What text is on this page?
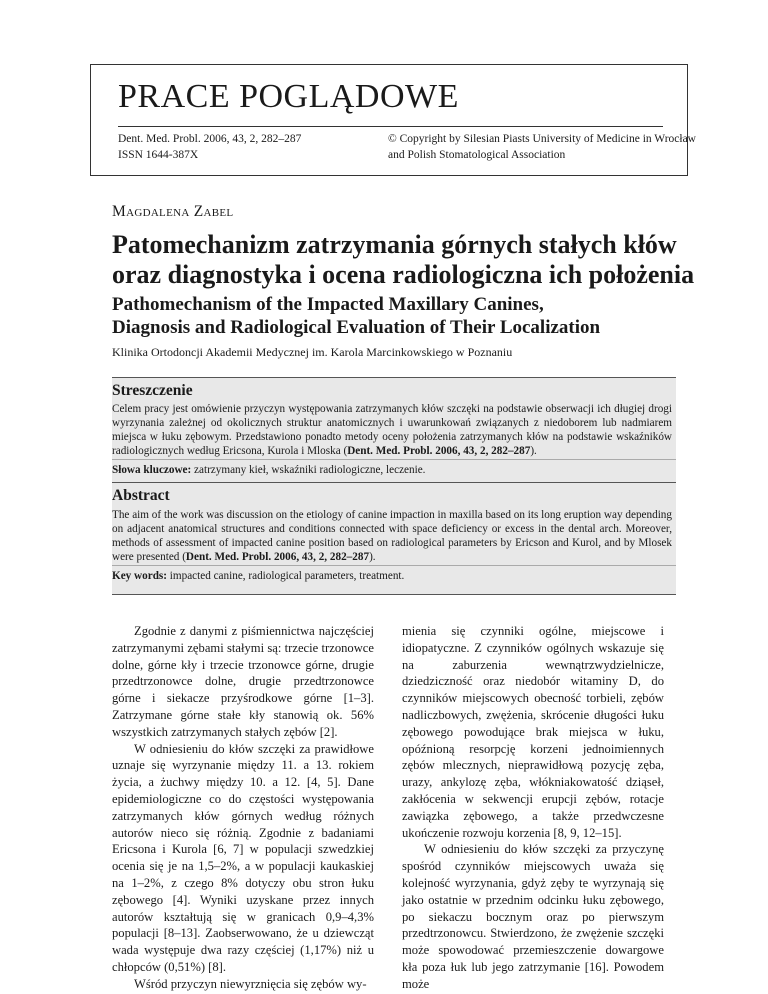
PRACE POGLĄDOWE
Dent. Med. Probl. 2006, 43, 2, 282–287
ISSN 1644-387X
© Copyright by Silesian Piasts University of Medicine in Wrocław
and Polish Stomatological Association
Magdalena Zabel
Patomechanizm zatrzymania górnych stałych kłów
oraz diagnostyka i ocena radiologiczna ich położenia
Pathomechanism of the Impacted Maxillary Canines,
Diagnosis and Radiological Evaluation of Their Localization
Klinika Ortodoncji Akademii Medycznej im. Karola Marcinkowskiego w Poznaniu
Streszczenie
Celem pracy jest omówienie przyczyn występowania zatrzymanych kłów szczęki na podstawie obserwacji ich długiej drogi wyrzynania zależnej od okolicznych struktur anatomicznych i uwarunkowań związanych z niedoborem lub nadmiarem miejsca w łuku zębowym. Przedstawiono ponadto metody oceny położenia zatrzymanych kłów na podstawie wskaźników radiologicznych według Ericsona, Kurola i Mloska (Dent. Med. Probl. 2006, 43, 2, 282–287).
Słowa kluczowe: zatrzymany kieł, wskaźniki radiologiczne, leczenie.
Abstract
The aim of the work was discussion on the etiology of canine impaction in maxilla based on its long eruption way depending on adjacent anatomical structures and conditions connected with space deficiency or excess in the dental arch. Moreover, methods of assessment of impacted canine position based on radiological parameters by Ericson and Kurol, and by Mlosek were presented (Dent. Med. Probl. 2006, 43, 2, 282–287).
Key words: impacted canine, radiological parameters, treatment.

Zgodnie z danymi z piśmiennictwa najczęściej zatrzymanymi zębami stałymi są: trzecie trzonowce dolne, górne kły i trzecie trzonowce górne, drugie przedtrzonowce dolne, drugie przedtrzonowce górne i siekacze przyśrodkowe górne [1–3]. Zatrzymane górne stałe kły stanowią ok. 56% wszystkich zatrzymanych stałych zębów [2].

W odniesieniu do kłów szczęki za prawidłowe uznaje się wyrzynanie między 11. a 13. rokiem życia, a żuchwy między 10. a 12. [4, 5]. Dane epidemiologiczne co do częstości występowania zatrzymanych kłów górnych według różnych autorów nieco się różnią. Zgodnie z badaniami Ericsona i Kurola [6, 7] w populacji szwedzkiej ocenia się je na 1,5–2%, a w populacji kaukaskiej na 1–2%, z czego 8% dotyczy obu stron łuku zębowego [4]. Wyniki uzyskane przez innych autorów kształtują się w granicach 0,9–4,3% populacji [8–13]. Zaobserwowano, że u dziewcząt wada występuje dwa razy częściej (1,17%) niż u chłopców (0,51%) [8].

Wśród przyczyn niewyrznięcia się zębów wy-

mienia się czynniki ogólne, miejscowe i idiopatyczne. Z czynników ogólnych wskazuje się na zaburzenia wewnątrzwydzielnicze, dziedziczność oraz niedobór witaminy D, do czynników miejscowych obecność torbieli, zębów nadliczbowych, zwężenia, skrócenie długości łuku zębowego powodujące brak miejsca w łuku, opóźnioną resorpcję korzeni jednoimiennych zębów mlecznych, nieprawidłową pozycję zęba, urazy, ankylozę zęba, włókniakowatość dziąseł, zakłócenia w sekwencji erupcji zębów, rotacje zawiązka zębowego, a także przedwczesne ukończenie rozwoju korzenia [8, 9, 12–15].

W odniesieniu do kłów szczęki za przyczynę spośród czynników miejscowych uważa się kolejność wyrzynania, gdyż zęby te wyrzynają się jako ostatnie w przednim odcinku łuku zębowego, po siekaczu bocznym oraz po pierwszym przedtrzonowcu. Stwierdzono, że zwężenie szczęki może spowodować przemieszczenie dowargowe kła poza łuk lub jego zatrzymanie [16]. Powodem może
